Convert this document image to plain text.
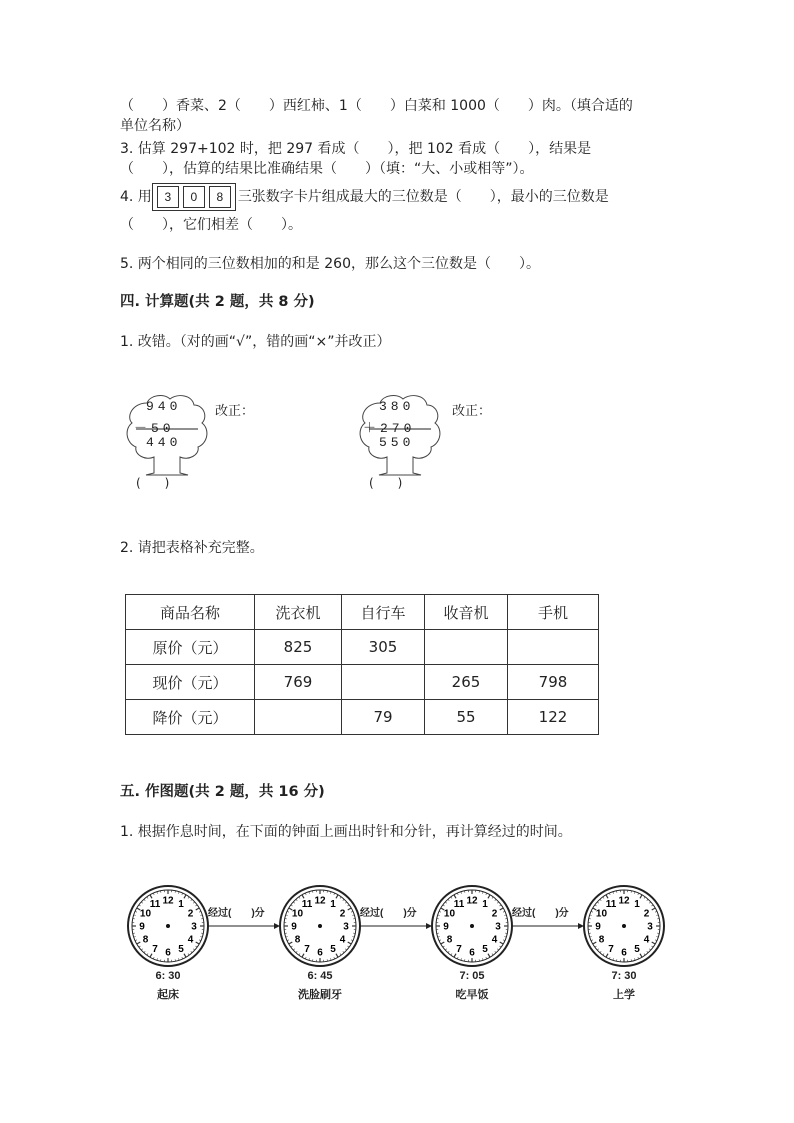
（　　）香菜、2（　　）西红柿、1（　　）白菜和 1000（　　）肉。（填合适的
单位名称）
3. 估算 297+102 时，把 297 看成（　　），把 102 看成（　　），结果是
（　　），估算的结果比准确结果（　　）（填：“大、小或相等”）。
4. 用 3 0 8 三张数字卡片组成最大的三位数是（　　），最小的三位数是
（　　），它们相差（　　）。
5. 两个相同的三位数相加的和是 260，那么这个三位数是（　　）。
四. 计算题(共 2 题，共 8 分)
1. 改错。（对的画“√”，错的画“×”并改正）
940
－50
440
(　　)
改正：	380
＋270
550
(　　)
改正：
2. 请把表格补充完整。
商品名称	洗衣机	自行车	收音机	手机
原价（元）	825	305		
现价（元）	769		265	798
降价（元）		79	55	122
五. 作图题(共 2 题，共 16 分)
1. 根据作息时间，在下面的钟面上画出时针和分针，再计算经过的时间。
12 1
2
3
4
5
6
7
8
9
10
11	12 1
2
3
4
5
6
7
8
9
10
11	12 1
2
3
4
5
6
7
8
9
10
11	12 1
2
3
4
5
6
7
8
9
10
11
6: 30
起床
6: 45
洗脸刷牙
7: 05
吃早饭
7: 30
上学
经过(　　)分	经过(　　)分	经过(　　)分
